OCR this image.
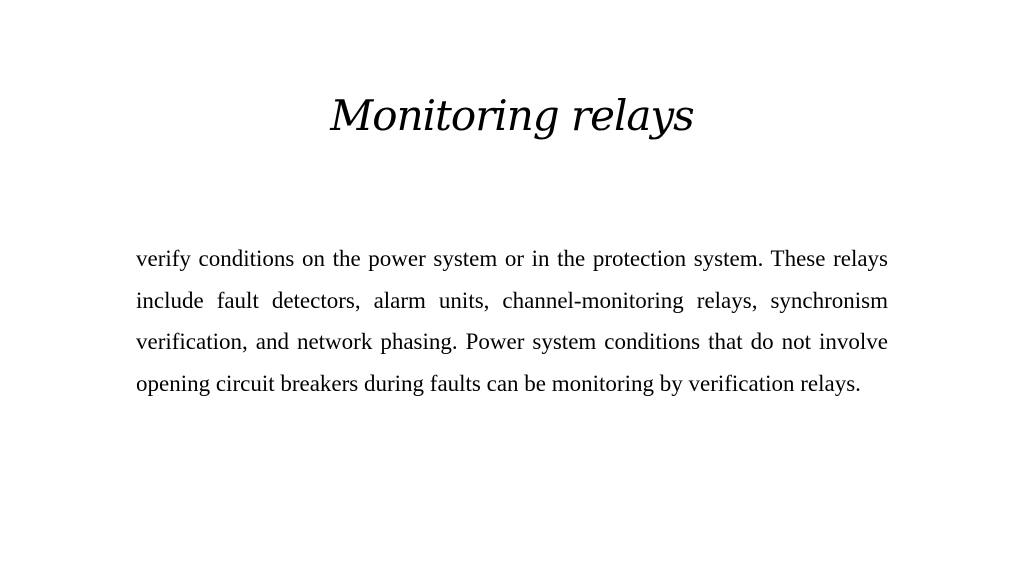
Monitoring relays

verify conditions on the power system or in the protection system. These relays include fault detectors, alarm units, channel-monitoring relays, synchronism verification, and network phasing. Power system conditions that do not involve opening circuit breakers during faults can be monitoring by verification relays.
